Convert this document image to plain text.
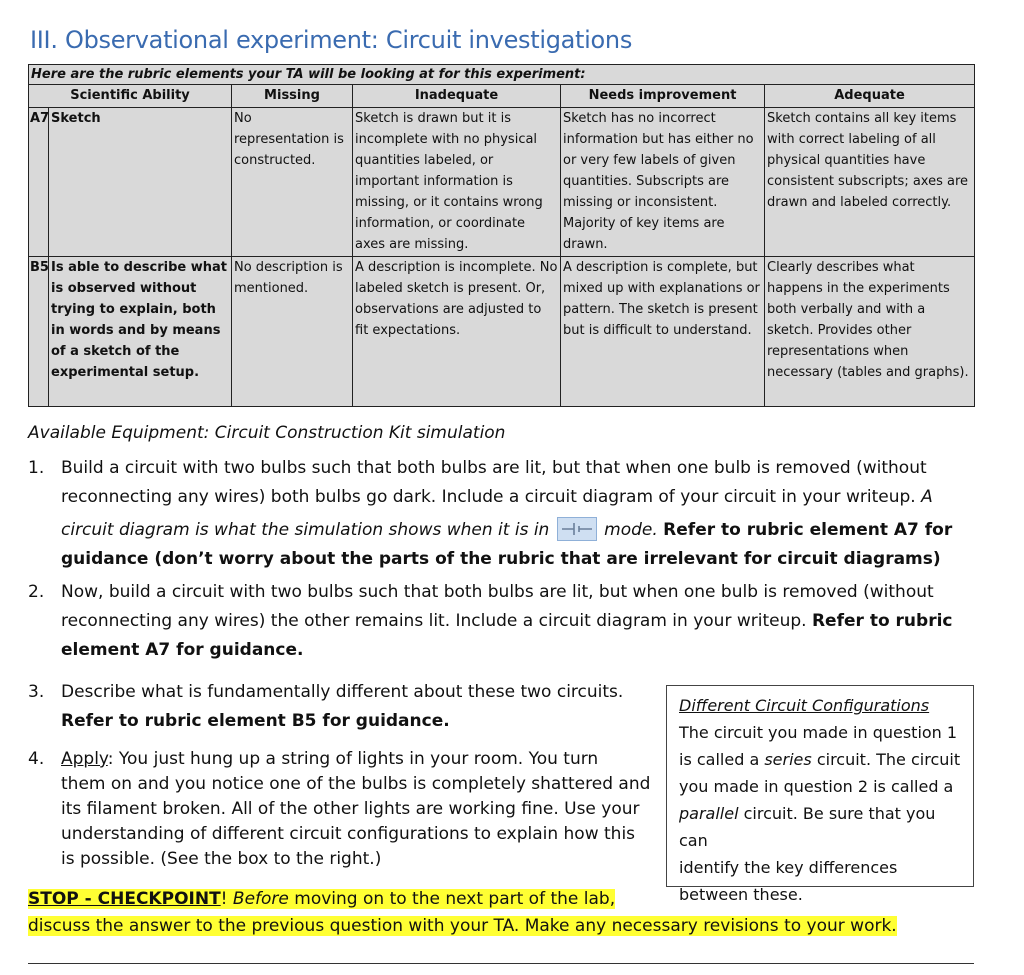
III. Observational experiment: Circuit investigations
Here are the rubric elements your TA will be looking at for this experiment:					
Scientific Ability		Missing	Inadequate	Needs improvement	Adequate
A7	Sketch	No representation is constructed.	Sketch is drawn but it is incomplete with no physical quantities labeled, or important information is missing, or it contains wrong information, or coordinate axes are missing.	Sketch has no incorrect information but has either no or very few labels of given quantities. Subscripts are missing or inconsistent. Majority of key items are drawn.	Sketch contains all key items with correct labeling of all physical quantities have consistent subscripts; axes are drawn and labeled correctly.
B5	Is able to describe what is observed without trying to explain, both in words and by means of a sketch of the experimental setup.	No description is mentioned.	A description is incomplete. No labeled sketch is present. Or, observations are adjusted to fit expectations.	A description is complete, but mixed up with explanations or pattern. The sketch is present but is difficult to understand.	Clearly describes what happens in the experiments both verbally and with a sketch. Provides other representations when necessary (tables and graphs).
Available Equipment: Circuit Construction Kit simulation
1. Build a circuit with two bulbs such that both bulbs are lit, but that when one bulb is removed (without
reconnecting any wires) both bulbs go dark. Include a circuit diagram of your circuit in your writeup. A
circuit diagram is what the simulation shows when it is in	mode. Refer to rubric element A7 for
guidance (don’t worry about the parts of the rubric that are irrelevant for circuit diagrams)
2. Now, build a circuit with two bulbs such that both bulbs are lit, but when one bulb is removed (without
reconnecting any wires) the other remains lit. Include a circuit diagram in your writeup. Refer to rubric
element A7 for guidance.
3. Describe what is fundamentally different about these two circuits.
Refer to rubric element B5 for guidance.
4. Apply: You just hung up a string of lights in your room. You turn
them on and you notice one of the bulbs is completely shattered and
its filament broken. All of the other lights are working fine. Use your
understanding of different circuit configurations to explain how this
is possible. (See the box to the right.)
Different Circuit Configurations
The circuit you made in question 1
is called a series circuit. The circuit
you made in question 2 is called a
parallel circuit. Be sure that you can
identify the key differences
between these.
STOP - CHECKPOINT! Before moving on to the next part of the lab,
discuss the answer to the previous question with your TA. Make any necessary revisions to your work.
